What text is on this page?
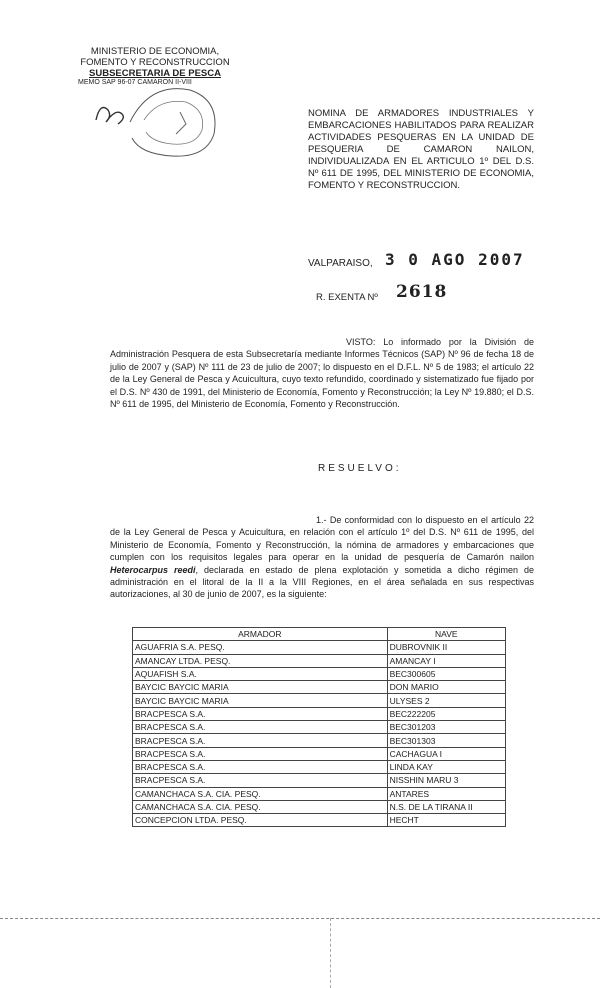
MINISTERIO DE ECONOMIA,
FOMENTO Y RECONSTRUCCION
SUBSECRETARIA DE PESCA
MEMO SAP 96-07 CAMARON II-VIII
NOMINA DE ARMADORES INDUSTRIALES Y EMBARCACIONES HABILITADOS PARA REALIZAR ACTIVIDADES PESQUERAS EN LA UNIDAD DE PESQUERIA DE CAMARON NAILON, INDIVIDUALIZADA EN EL ARTICULO 1º DEL D.S. Nº 611 DE 1995, DEL MINISTERIO DE ECONOMIA, FOMENTO Y RECONSTRUCCION.
VALPARAISO, 3 0 AGO 2007
R. EXENTA Nº 2618
VISTO: Lo informado por la División de Administración Pesquera de esta Subsecretaría mediante Informes Técnicos (SAP) Nº 96 de fecha 18 de julio de 2007 y (SAP) Nº 111 de 23 de julio de 2007; lo dispuesto en el D.F.L. Nº 5 de 1983; el artículo 22 de la Ley General de Pesca y Acuicultura, cuyo texto refundido, coordinado y sistematizado fue fijado por el D.S. Nº 430 de 1991, del Ministerio de Economía, Fomento y Reconstrucción; la Ley Nº 19.880; el D.S. Nº 611 de 1995, del Ministerio de Economía, Fomento y Reconstrucción.
RESUELVO:
1.- De conformidad con lo dispuesto en el artículo 22 de la Ley General de Pesca y Acuicultura, en relación con el artículo 1º del D.S. Nº 611 de 1995, del Ministerio de Economía, Fomento y Reconstrucción, la nómina de armadores y embarcaciones que cumplen con los requisitos legales para operar en la unidad de pesquería de Camarón nailon Heterocarpus reedi, declarada en estado de plena explotación y sometida a dicho régimen de administración en el litoral de la II a la VIII Regiones, en el área señalada en sus respectivas autorizaciones, al 30 de junio de 2007, es la siguiente:
ARMADOR	NAVE
AGUAFRIA S.A. PESQ.	DUBROVNIK II
AMANCAY LTDA. PESQ.	AMANCAY I
AQUAFISH S.A.	BEC300605
BAYCIC BAYCIC MARIA	DON MARIO
BAYCIC BAYCIC MARIA	ULYSES 2
BRACPESCA S.A.	BEC222205
BRACPESCA S.A.	BEC301203
BRACPESCA S.A.	BEC301303
BRACPESCA S.A.	CACHAGUA I
BRACPESCA S.A.	LINDA KAY
BRACPESCA S.A.	NISSHIN MARU 3
CAMANCHACA S.A. CIA. PESQ.	ANTARES
CAMANCHACA S.A. CIA. PESQ.	N.S. DE LA TIRANA II
CONCEPCION LTDA. PESQ.	HECHT
